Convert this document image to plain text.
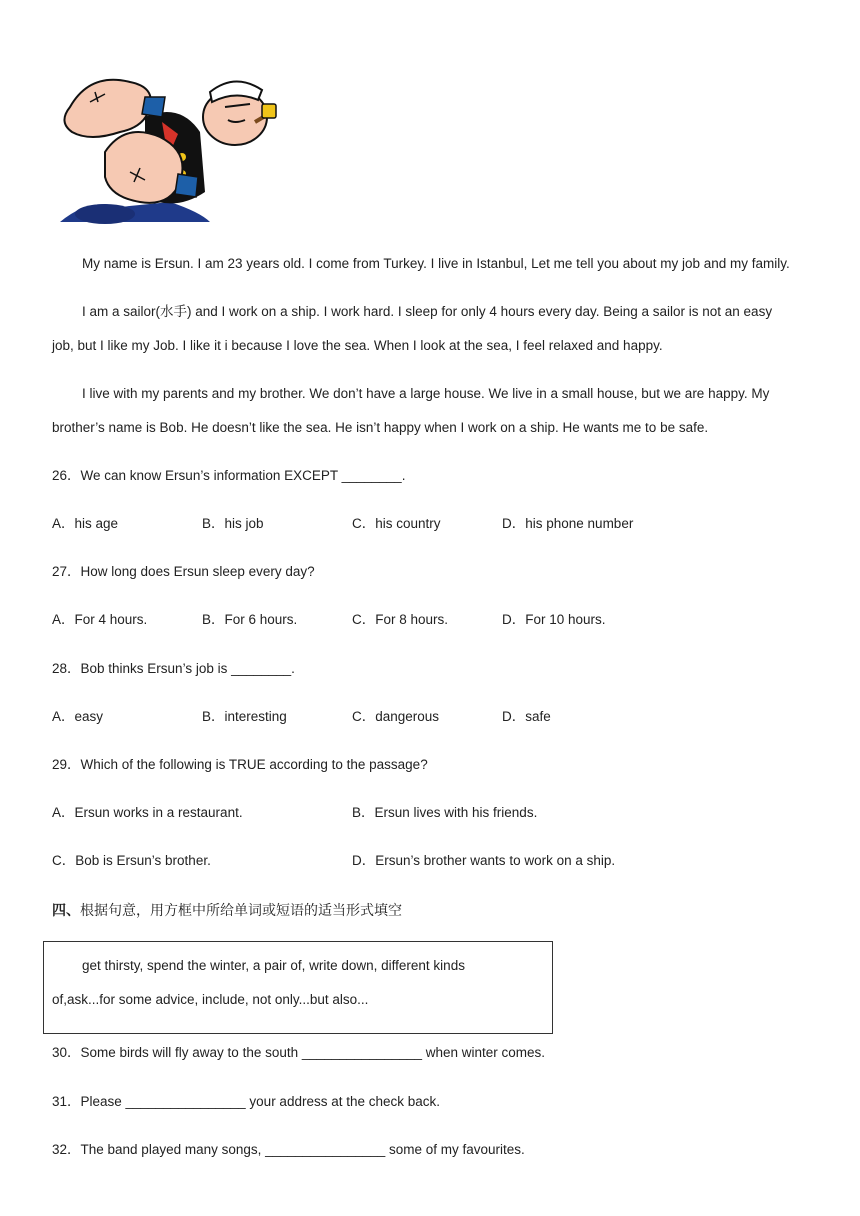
My name is Ersun. I am 23 years old. I come from Turkey. I live in Istanbul, Let me tell you about my job and my family.
I am a sailor(水手) and I work on a ship. I work hard. I sleep for only 4 hours every day. Being a sailor is not an easy
job, but I like my Job. I like it i because I love the sea. When I look at the sea, I feel relaxed and happy.
I live with my parents and my brother. We don’t have a large house. We live in a small house, but we are happy. My
brother’s name is Bob. He doesn’t like the sea. He isn’t happy when I work on a ship. He wants me to be safe.
26．We can know Ersun’s information EXCEPT ________.
A．his age	B．his job	C．his country	D．his phone number
27．How long does Ersun sleep every day?
A．For 4 hours.	B．For 6 hours.	C．For 8 hours.	D．For 10 hours.
28．Bob thinks Ersun’s job is ________.
A．easy	B．interesting	C．dangerous	D．safe
29．Which of the following is TRUE according to the passage?
A．Ersun works in a restaurant.	B．Ersun lives with his friends.
C．Bob is Ersun’s brother.	D．Ersun’s brother wants to work on a ship.
四、根据句意，用方框中所给单词或短语的适当形式填空
get thirsty, spend the winter, a pair of, write down, different kinds
of,ask...for some advice, include, not only...but also...
30．Some birds will fly away to the south ________________ when winter comes.
31．Please ________________ your address at the check back.
32．The band played many songs, ________________ some of my favourites.
